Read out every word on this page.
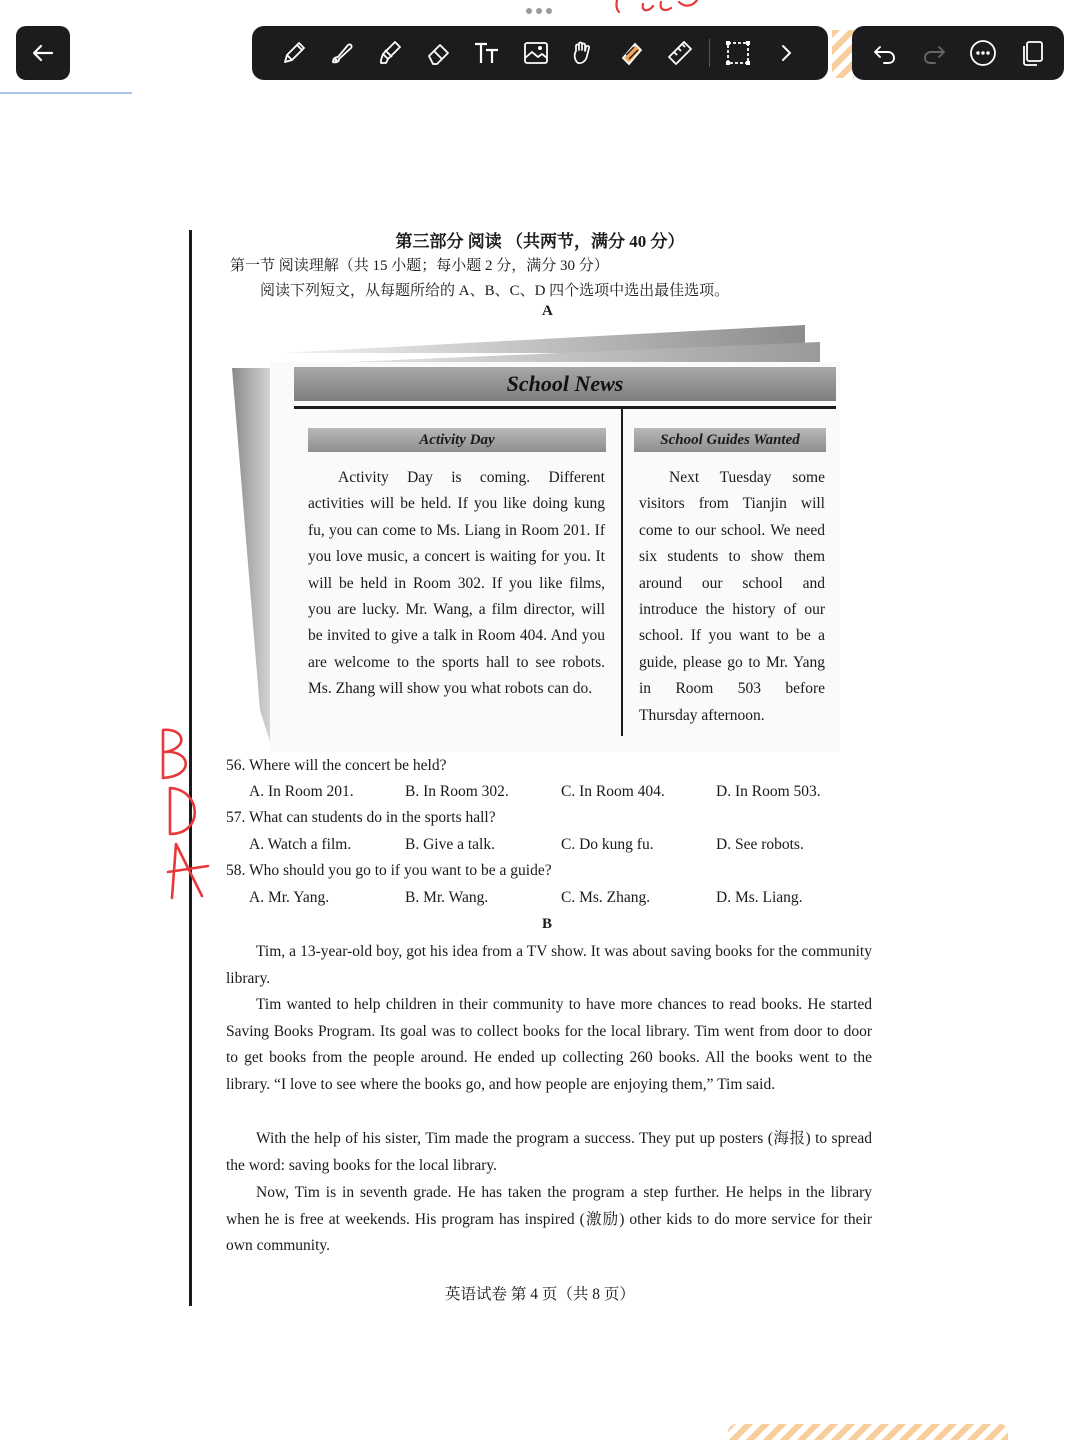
第三部分 阅读 （共两节，满分 40 分）
第一节 阅读理解（共 15 小题；每小题 2 分，满分 30 分）
阅读下列短文，从每题所给的 A、B、C、D 四个选项中选出最佳选项。
A
School News
Activity Day
Activity Day is coming. Different activities will be held. If you like doing kung fu, you can come to Ms. Liang in Room 201. If you love music, a concert is waiting for you. It will be held in Room 302. If you like films, you are lucky. Mr. Wang, a film director, will be invited to give a talk in Room 404. And you are welcome to the sports hall to see robots. Ms. Zhang will show you what robots can do.
School Guides Wanted
Next Tuesday some visitors from Tianjin will come to our school. We need six students to show them around our school and introduce the history of our school. If you want to be a guide, please go to Mr. Yang in Room 503 before Thursday afternoon.
56. Where will the concert be held?
A. In Room 201.	B. In Room 302.	C. In Room 404.	D. In Room 503.
57. What can students do in the sports hall?
A. Watch a film.	B. Give a talk.	C. Do kung fu.	D. See robots.
58. Who should you go to if you want to be a guide?
A. Mr. Yang.	B. Mr. Wang.	C. Ms. Zhang.	D. Ms. Liang.
B
Tim, a 13-year-old boy, got his idea from a TV show. It was about saving books for the community library.
Tim wanted to help children in their community to have more chances to read books. He started Saving Books Program. Its goal was to collect books for the local library. Tim went from door to door to get books from the people around. He ended up collecting 260 books. All the books went to the library. “I love to see where the books go, and how people are enjoying them,” Tim said.
With the help of his sister, Tim made the program a success. They put up posters (海报) to spread the word: saving books for the local library.
Now, Tim is in seventh grade. He has taken the program a step further. He helps in the library when he is free at weekends. His program has inspired (激励) other kids to do more service for their own community.
英语试卷 第 4 页（共 8 页）
